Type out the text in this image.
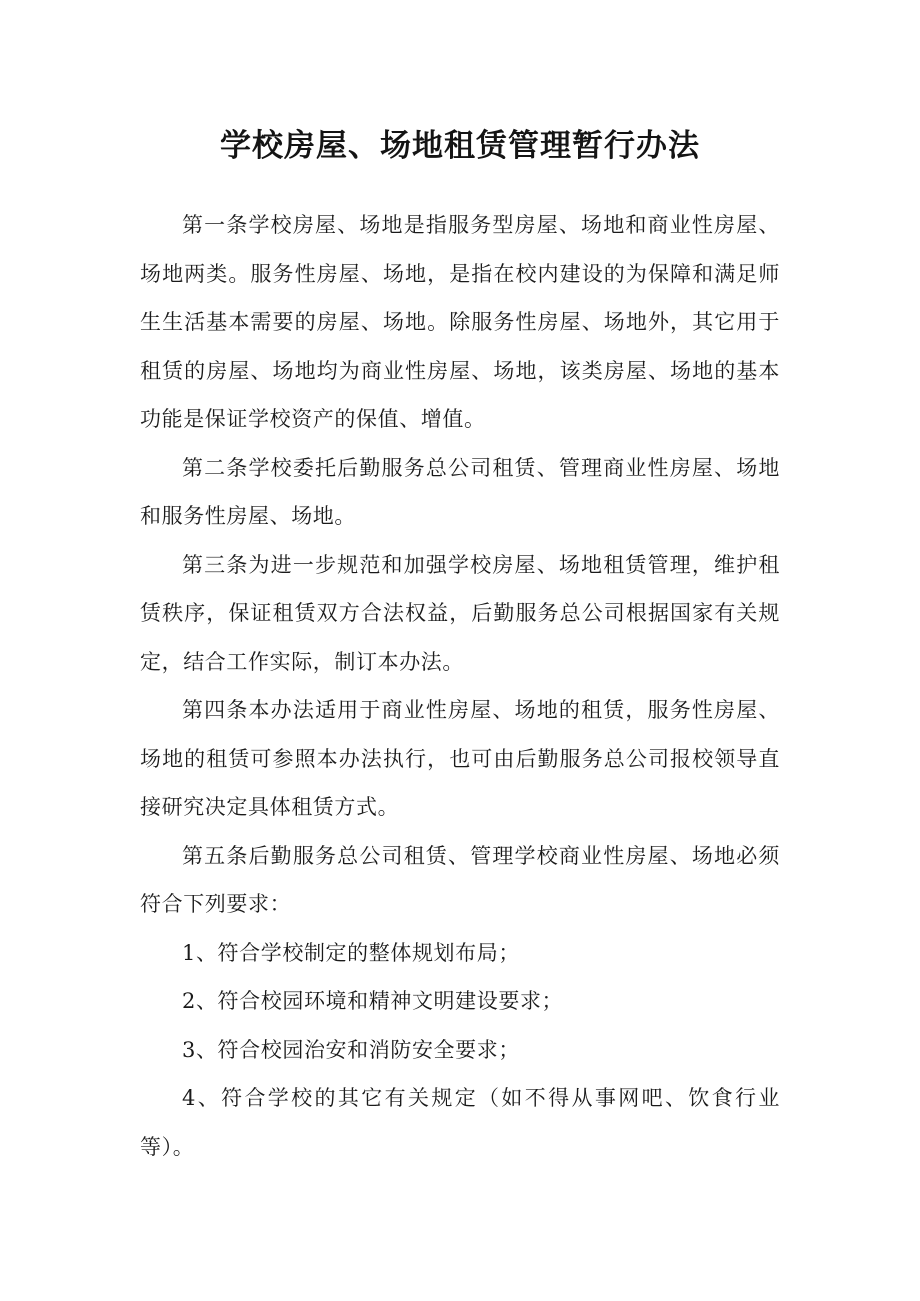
学校房屋、场地租赁管理暂行办法

第一条学校房屋、场地是指服务型房屋、场地和商业性房屋、场地两类。服务性房屋、场地，是指在校内建设的为保障和满足师生生活基本需要的房屋、场地。除服务性房屋、场地外，其它用于租赁的房屋、场地均为商业性房屋、场地，该类房屋、场地的基本功能是保证学校资产的保值、增值。

第二条学校委托后勤服务总公司租赁、管理商业性房屋、场地和服务性房屋、场地。

第三条为进一步规范和加强学校房屋、场地租赁管理，维护租赁秩序，保证租赁双方合法权益，后勤服务总公司根据国家有关规定，结合工作实际，制订本办法。

第四条本办法适用于商业性房屋、场地的租赁，服务性房屋、场地的租赁可参照本办法执行，也可由后勤服务总公司报校领导直接研究决定具体租赁方式。

第五条后勤服务总公司租赁、管理学校商业性房屋、场地必须符合下列要求：

1、符合学校制定的整体规划布局；

2、符合校园环境和精神文明建设要求；

3、符合校园治安和消防安全要求；

4、符合学校的其它有关规定（如不得从事网吧、饮食行业等）。
